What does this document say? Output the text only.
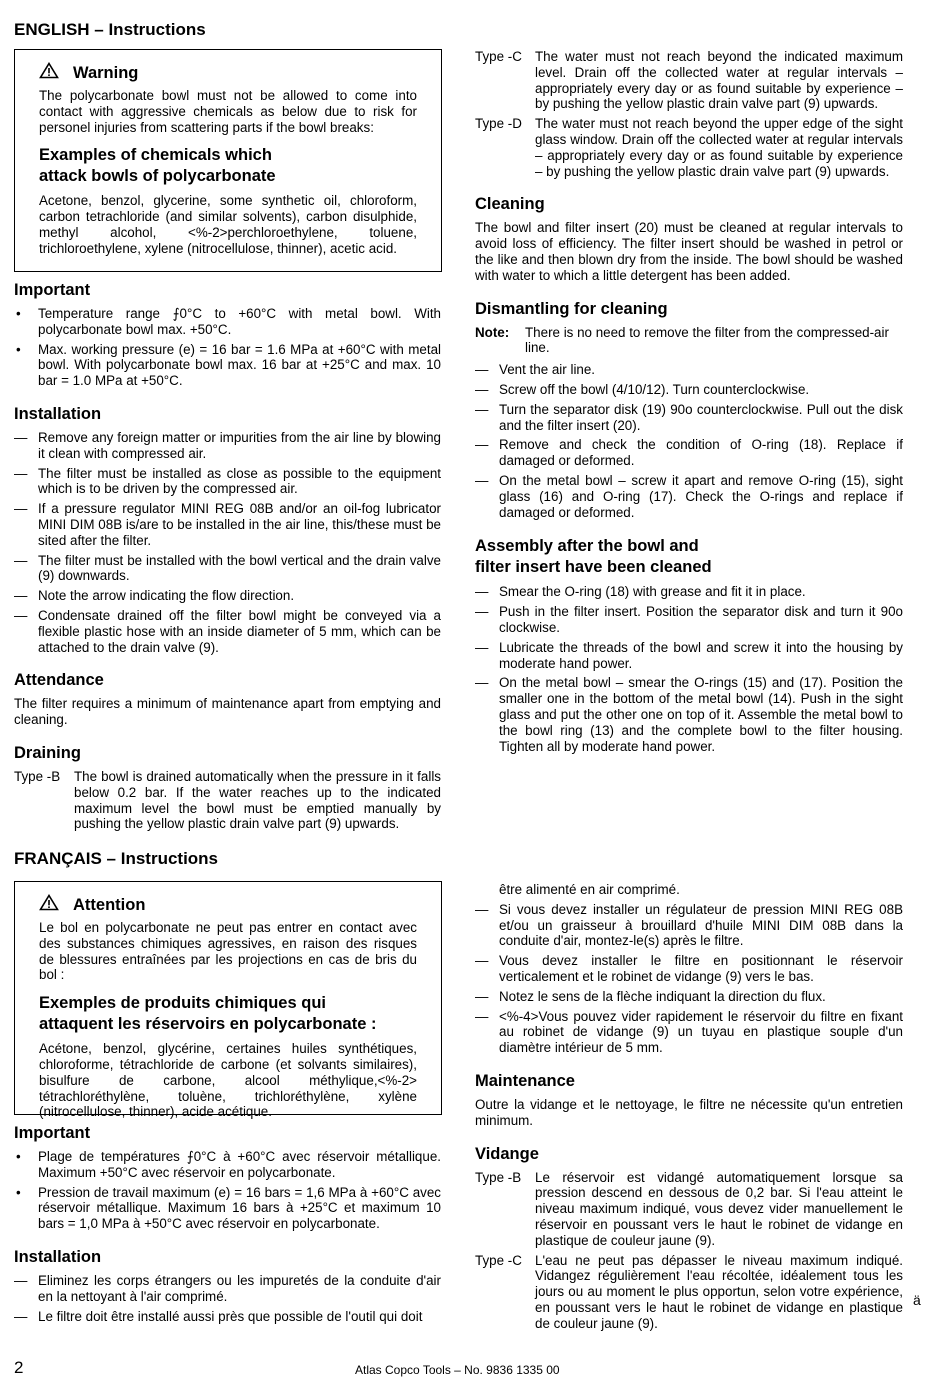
ENGLISH – Instructions
Warning
The polycarbonate bowl must not be allowed to come into contact with aggressive chemicals as below due to risk for personel injuries from scattering parts if the bowl breaks:
Examples of chemicals which
attack bowls of polycarbonate
Acetone, benzol, glycerine, some synthetic oil, chloroform, carbon tetrachloride (and similar solvents), carbon disulphide, methyl alcohol, <%-2>perchloroethylene, toluene, trichloroethylene, xylene (nitrocellulose, thinner), acetic acid.
Important
• Temperature range ⨍0°C to +60°C with metal bowl. With polycarbonate bowl max. +50°C.
• Max. working pressure (e) = 16 bar = 1.6 MPa at +60°C with metal bowl. With polycarbonate bowl max. 16 bar at +25°C and max. 10 bar = 1.0 MPa at +50°C.
Installation
— Remove any foreign matter or impurities from the air line by blowing it clean with compressed air.
— The filter must be installed as close as possible to the equipment which is to be driven by the compressed air.
— If a pressure regulator MINI REG 08B and/or an oil-fog lubricator MINI DIM 08B is/are to be installed in the air line, this/these must be sited after the filter.
— The filter must be installed with the bowl vertical and the drain valve (9) downwards.
— Note the arrow indicating the flow direction.
— Condensate drained off the filter bowl might be conveyed via a flexible plastic hose with an inside diameter of 5 mm, which can be attached to the drain valve (9).
Attendance
The filter requires a minimum of maintenance apart from emptying and cleaning.
Draining
Type -B	The bowl is drained automatically when the pressure in it falls below 0.2 bar. If the water reaches up to the indicated maximum level the bowl must be emptied manually by pushing the yellow plastic drain valve part (9) upwards.
Type -C The water must not reach beyond the indicated maximum level. Drain off the collected water at regular intervals – appropriately every day or as found suitable by experience – by pushing the yellow plastic drain valve part (9) upwards.
Type -D The water must not reach beyond the upper edge of the sight glass window. Drain off the collected water at regular intervals – appropriately every day or as found suitable by experience – by pushing the yellow plastic drain valve part (9) upwards.
Cleaning
The bowl and filter insert (20) must be cleaned at regular intervals to avoid loss of efficiency. The filter insert should be washed in petrol or the like and then blown dry from the inside. The bowl should be washed with water to which a little detergent has been added.
Dismantling for cleaning
Note:	There is no need to remove the filter from the compressed-air line.
— Vent the air line.
— Screw off the bowl (4/10/12). Turn counterclockwise.
— Turn the separator disk (19) 90o counterclockwise. Pull out the disk and the filter insert (20).
— Remove and check the condition of O-ring (18). Replace if damaged or deformed.
— On the metal bowl – screw it apart and remove O-ring (15), sight glass (16) and O-ring (17). Check the O-rings and replace if damaged or deformed.
Assembly after the bowl and
filter insert have been cleaned
— Smear the O-ring (18) with grease and fit it in place.
— Push in the filter insert. Position the separator disk and turn it 90o clockwise.
— Lubricate the threads of the bowl and screw it into the housing by moderate hand power.
— On the metal bowl – smear the O-rings (15) and (17). Position the smaller one in the bottom of the metal bowl (14). Push in the sight glass and put the other one on top of it. Assemble the metal bowl to the bowl ring (13) and the complete bowl to the filter housing. Tighten all by moderate hand power.
FRANÇAIS – Instructions
Attention
Le bol en polycarbonate ne peut pas entrer en contact avec des substances chimiques agressives, en raison des risques de blessures entraînées par les projections en cas de bris du bol :
Exemples de produits chimiques qui
attaquent les réservoirs en polycarbonate :
Acétone, benzol, glycérine, certaines huiles synthétiques, chloroforme, tétrachloride de carbone (et solvants similaires), bisulfure de carbone, alcool méthylique,<%-2> tétrachloréthylène, toluène, trichloréthylène, xylène (nitrocellulose, thinner), acide acétique.
Important
• Plage de températures ⨍0°C à +60°C avec réservoir métallique. Maximum +50°C avec réservoir en polycarbonate.
• Pression de travail maximum (e) = 16 bars = 1,6 MPa à +60°C avec réservoir métallique. Maximum 16 bars à +25°C et maximum 10 bars = 1,0 MPa à +50°C avec réservoir en polycarbonate.
Installation
— Eliminez les corps étrangers ou les impuretés de la conduite d'air en la nettoyant à l'air comprimé.
— Le filtre doit être installé aussi près que possible de l'outil qui doit
être alimenté en air comprimé.
— Si vous devez installer un régulateur de pression MINI REG 08B et/ou un graisseur à brouillard d'huile MINI DIM 08B dans la conduite d'air, montez-le(s) après le filtre.
— Vous devez installer le filtre en positionnant le réservoir verticalement et le robinet de vidange (9) vers le bas.
— Notez le sens de la flèche indiquant la direction du flux.
— <%-4>Vous pouvez vider rapidement le réservoir du filtre en fixant au robinet de vidange (9) un tuyau en plastique souple d'un diamètre intérieur de 5 mm.
Maintenance
Outre la vidange et le nettoyage, le filtre ne nécessite qu'un entretien minimum.
Vidange
Type -B	Le réservoir est vidangé automatiquement lorsque sa pression descend en dessous de 0,2 bar. Si l'eau atteint le niveau maximum indiqué, vous devez vider manuellement le réservoir en poussant vers le haut le robinet de vidange en plastique de couleur jaune (9).
Type -C L'eau ne peut pas dépasser le niveau maximum indiqué. Vidangez régulièrement l'eau récoltée, idéalement tous les jours ou au moment le plus opportun, selon votre expérience, en poussant vers le haut le robinet de vidange en plastique de couleur jaune (9).
ä
2	Atlas Copco Tools – No. 9836 1335 00
